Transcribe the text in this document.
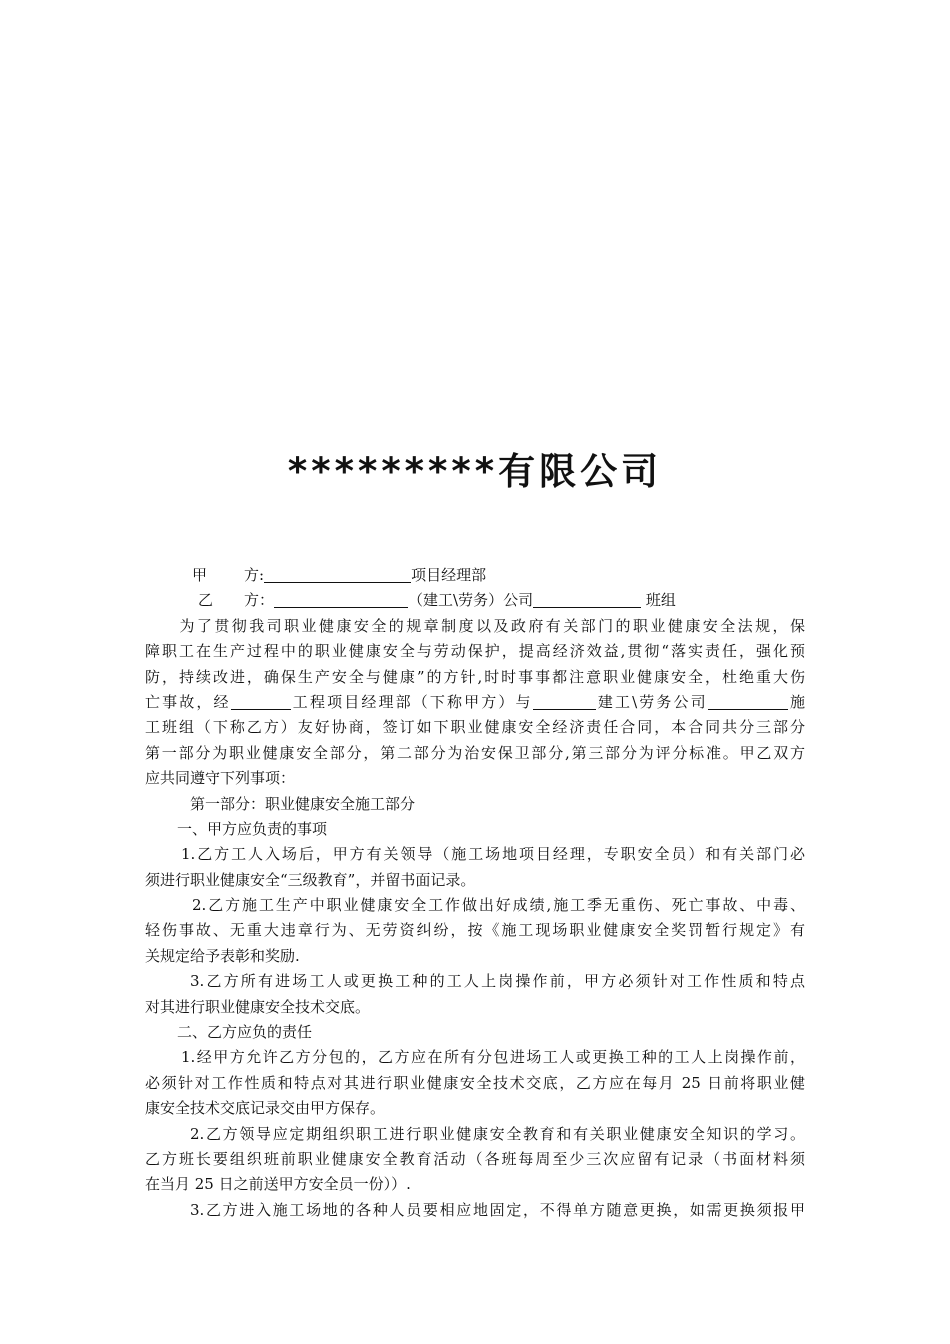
*********有限公司
甲 方:	项目经理部
乙 方：	（建工\劳务）公司	班组
为了贯彻我司职业健康安全的规章制度以及政府有关部门的职业健康安全法规，保
障职工在生产过程中的职业健康安全与劳动保护，提高经济效益,贯彻“落实责任，强化预
防，持续改进，确保生产安全与健康”的方针,时时事事都注意职业健康安全，杜绝重大伤
亡事故，经	工程项目经理部（下称甲方）与	建工\劳务公司	施
工班组（下称乙方）友好协商，签订如下职业健康安全经济责任合同，本合同共分三部分
第一部分为职业健康安全部分，第二部分为治安保卫部分,第三部分为评分标准。甲乙双方
应共同遵守下列事项：
第一部分：职业健康安全施工部分
一、甲方应负责的事项
1.乙方工人入场后，甲方有关领导（施工场地项目经理，专职安全员）和有关部门必
须进行职业健康安全“三级教育”，并留书面记录。
2.乙方施工生产中职业健康安全工作做出好成绩,施工季无重伤、死亡事故、中毒、
轻伤事故、无重大违章行为、无劳资纠纷，按《施工现场职业健康安全奖罚暂行规定》有
关规定给予表彰和奖励.
3.乙方所有进场工人或更换工种的工人上岗操作前，甲方必须针对工作性质和特点
对其进行职业健康安全技术交底。
二、乙方应负的责任
1.经甲方允许乙方分包的，乙方应在所有分包进场工人或更换工种的工人上岗操作前，
必须针对工作性质和特点对其进行职业健康安全技术交底，乙方应在每月 25 日前将职业健
康安全技术交底记录交由甲方保存。
2.乙方领导应定期组织职工进行职业健康安全教育和有关职业健康安全知识的学习。
乙方班长要组织班前职业健康安全教育活动（各班每周至少三次应留有记录（书面材料须
在当月 25 日之前送甲方安全员一份））.
3.乙方进入施工场地的各种人员要相应地固定，不得单方随意更换，如需更换须报甲
